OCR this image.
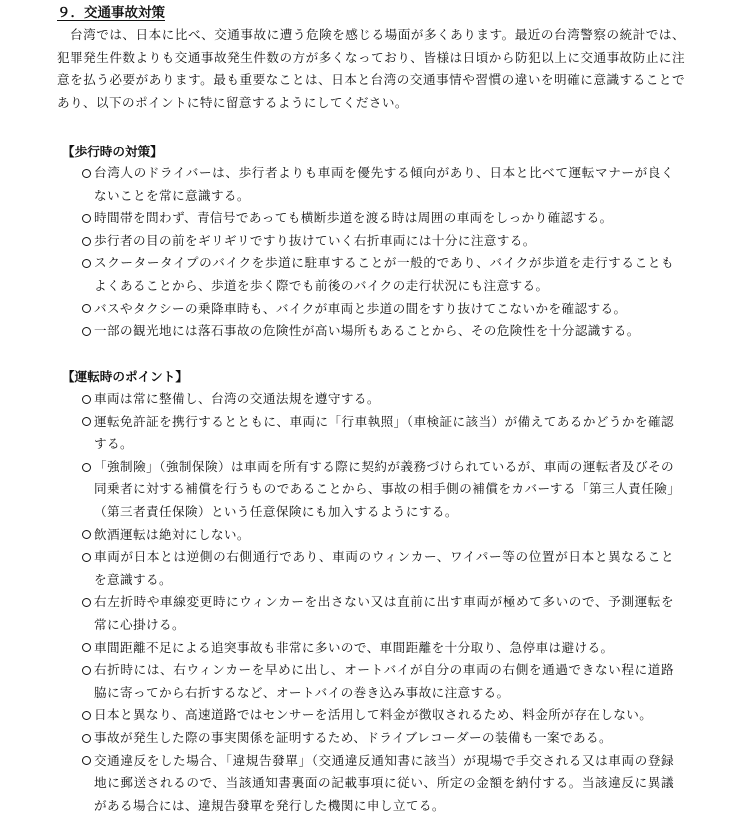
９．交通事故対策

台湾では、日本に比べ、交通事故に遭う危険を感じる場面が多くあります。最近の台湾警察の統計では、犯罪発生件数よりも交通事故発生件数の方が多くなっており、皆様は日頃から防犯以上に交通事故防止に注意を払う必要があります。最も重要なことは、日本と台湾の交通事情や習慣の違いを明確に意識することであり、以下のポイントに特に留意するようにしてください。

【歩行時の対策】
台湾人のドライバーは、歩行者よりも車両を優先する傾向があり、日本と比べて運転マナーが良くないことを常に意識する。
時間帯を問わず、青信号であっても横断歩道を渡る時は周囲の車両をしっかり確認する。
歩行者の目の前をギリギリですり抜けていく右折車両には十分に注意する。
スクータータイプのバイクを歩道に駐車することが一般的であり、バイクが歩道を走行することもよくあることから、歩道を歩く際でも前後のバイクの走行状況にも注意する。
バスやタクシーの乗降車時も、バイクが車両と歩道の間をすり抜けてこないかを確認する。
一部の観光地には落石事故の危険性が高い場所もあることから、その危険性を十分認識する。
【運転時のポイント】
車両は常に整備し、台湾の交通法規を遵守する。
運転免許証を携行するとともに、車両に「行車執照」（車検証に該当）が備えてあるかどうかを確認する。
「強制險」（強制保険）は車両を所有する際に契約が義務づけられているが、車両の運転者及びその同乗者に対する補償を行うものであることから、事故の相手側の補償をカバーする「第三人責任險」（第三者責任保険）という任意保険にも加入するようにする。
飲酒運転は絶対にしない。
車両が日本とは逆側の右側通行であり、車両のウィンカー、ワイパー等の位置が日本と異なることを意識する。
右左折時や車線変更時にウィンカーを出さない又は直前に出す車両が極めて多いので、予測運転を常に心掛ける。
車間距離不足による追突事故も非常に多いので、車間距離を十分取り、急停車は避ける。
右折時には、右ウィンカーを早めに出し、オートバイが自分の車両の右側を通過できない程に道路脇に寄ってから右折するなど、オートバイの巻き込み事故に注意する。
日本と異なり、高速道路ではセンサーを活用して料金が徴収されるため、料金所が存在しない。
事故が発生した際の事実関係を証明するため、ドライブレコーダーの装備も一案である。
交通違反をした場合、「違規告發單」（交通違反通知書に該当）が現場で手交される又は車両の登録地に郵送されるので、当該通知書裏面の記載事項に従い、所定の金額を納付する。当該違反に異議がある場合には、違規告發單を発行した機関に申し立てる。
